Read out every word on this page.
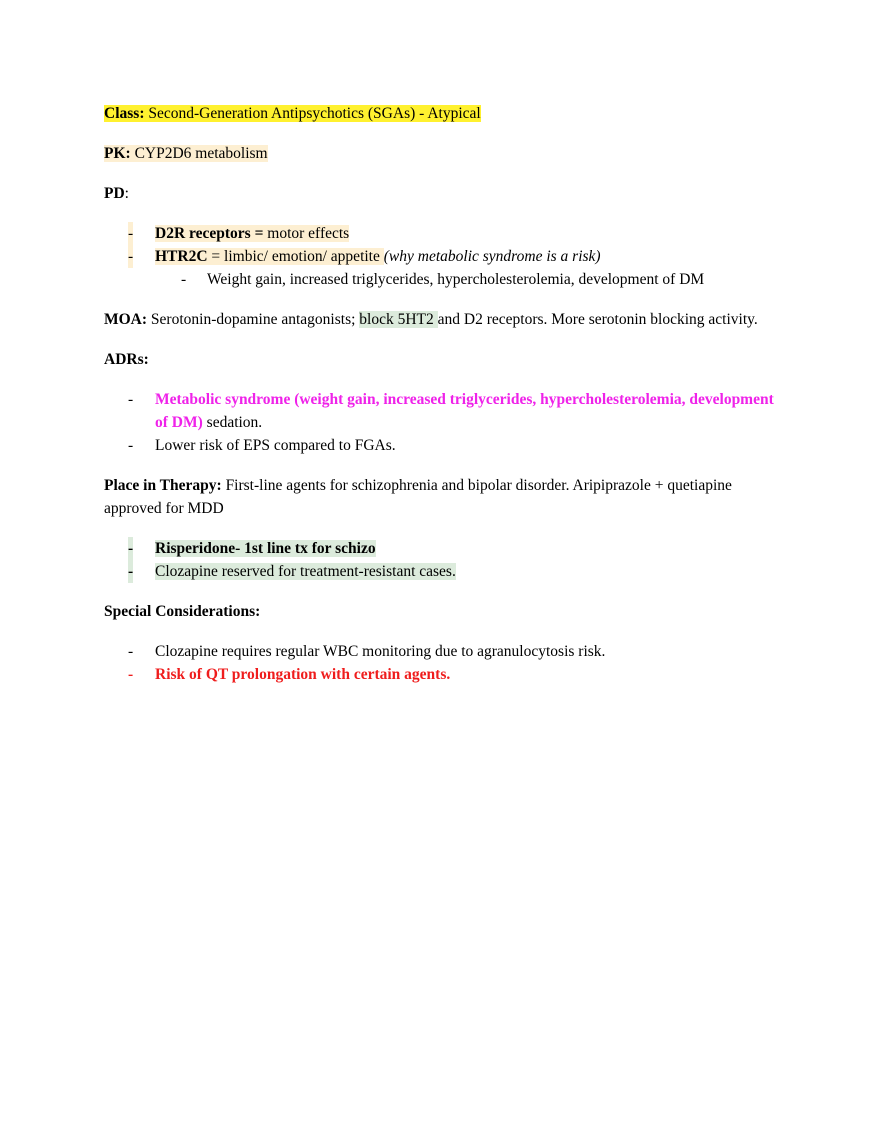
Class: Second-Generation Antipsychotics (SGAs) - Atypical

PK: CYP2D6 metabolism

PD:

- D2R receptors = motor effects
- HTR2C = limbic/ emotion/ appetite (why metabolic syndrome is a risk)
- Weight gain, increased triglycerides, hypercholesterolemia, development of DM

MOA: Serotonin-dopamine antagonists; block 5HT2 and D2 receptors. More serotonin blocking activity.

ADRs:

- Metabolic syndrome (weight gain, increased triglycerides, hypercholesterolemia, development of DM) sedation.
- Lower risk of EPS compared to FGAs.

Place in Therapy: First-line agents for schizophrenia and bipolar disorder. Aripiprazole + quetiapine approved for MDD

- Risperidone- 1st line tx for schizo
- Clozapine reserved for treatment-resistant cases.

Special Considerations:

- Clozapine requires regular WBC monitoring due to agranulocytosis risk.
- Risk of QT prolongation with certain agents.
